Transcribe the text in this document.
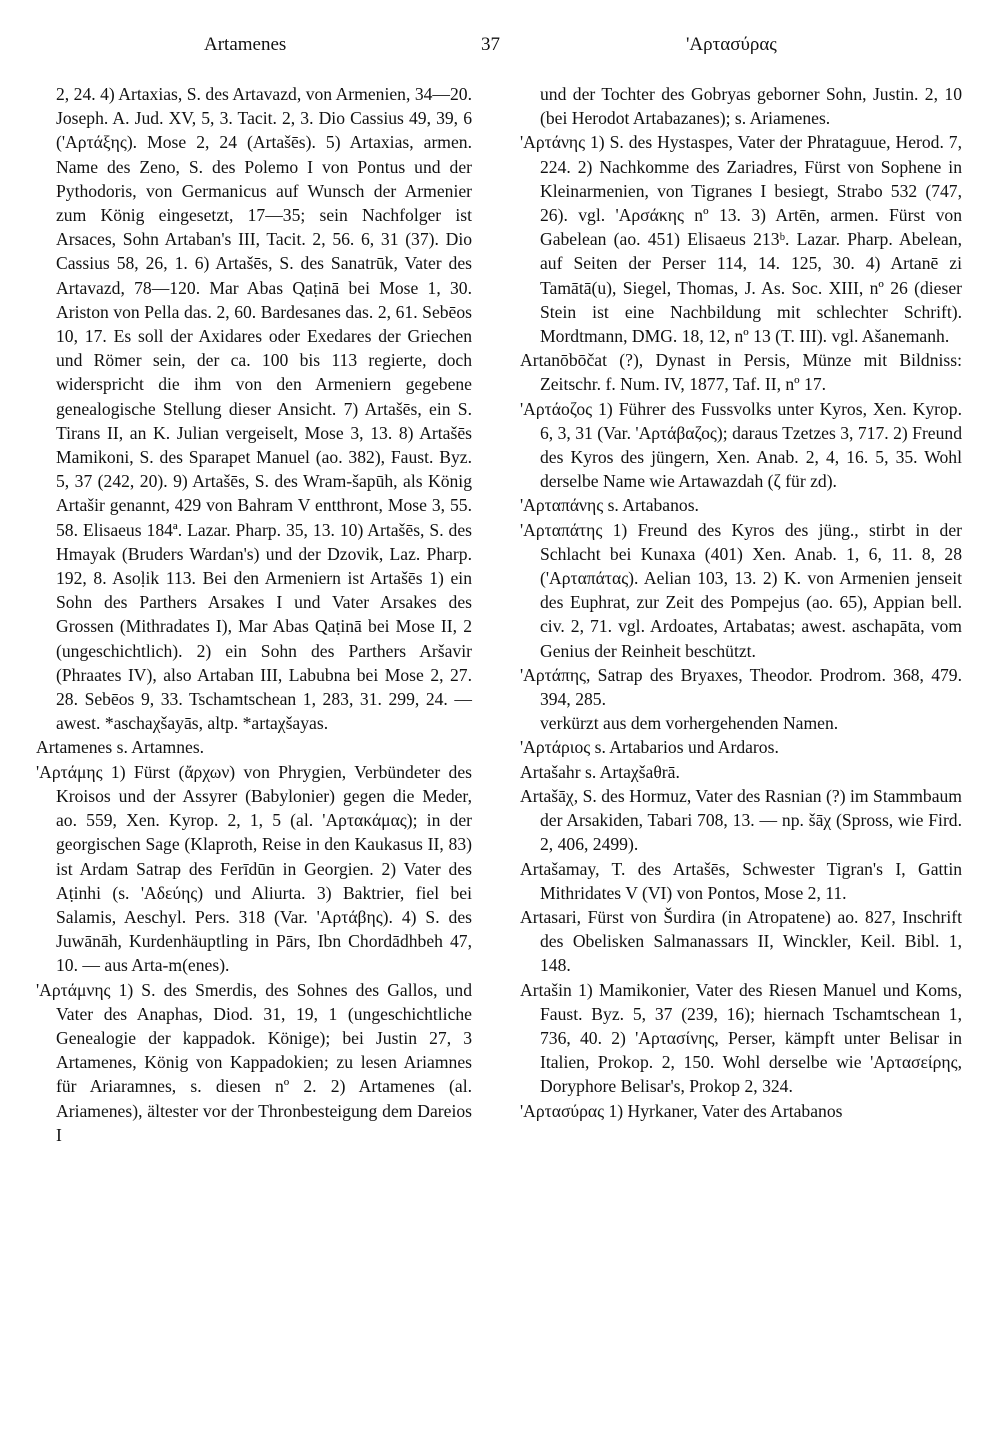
Artamenes	37	'Αρτασύρας

2, 24. 4) Artaxias, S. des Artavazd, von Armenien, 34—20. Joseph. A. Jud. XV, 5, 3. Tacit. 2, 3. Dio Cassius 49, 39, 6 ('Αρτάξης). Mose 2, 24 (Artašēs). 5) Artaxias, armen. Name des Zeno, S. des Polemo I von Pontus und der Pythodoris, von Germanicus auf Wunsch der Armenier zum König eingesetzt, 17—35; sein Nachfolger ist Arsaces, Sohn Artaban's III, Tacit. 2, 56. 6, 31 (37). Dio Cassius 58, 26, 1. 6) Artašēs, S. des Sanatrūk, Vater des Artavazd, 78—120. Mar Abas Qaṭinā bei Mose 1, 30. Ariston von Pella das. 2, 60. Bardesanes das. 2, 61. Sebēos 10, 17. Es soll der Axidares oder Exedares der Griechen und Römer sein, der ca. 100 bis 113 regierte, doch widerspricht die ihm von den Armeniern gegebene genealogische Stellung dieser Ansicht. 7) Artašēs, ein S. Tirans II, an K. Julian vergeiselt, Mose 3, 13. 8) Artašēs Mamikoni, S. des Sparapet Manuel (ao. 382), Faust. Byz. 5, 37 (242, 20). 9) Artašēs, S. des Wram-šapūh, als König Artašir genannt, 429 von Bahram V entthront, Mose 3, 55. 58. Elisaeus 184ª. Lazar. Pharp. 35, 13. 10) Artašēs, S. des Hmayak (Bruders Wardan's) und der Dzovik, Laz. Pharp. 192, 8. Asoḷik 113. Bei den Armeniern ist Artašēs 1) ein Sohn des Parthers Arsakes I und Vater Arsakes des Grossen (Mithradates I), Mar Abas Qaṭinā bei Mose II, 2 (ungeschichtlich). 2) ein Sohn des Parthers Aršavir (Phraates IV), also Artaban III, Labubna bei Mose 2, 27. 28. Sebēos 9, 33. Tschamtschean 1, 283, 31. 299, 24. — awest. *aschaχšayās, altp. *artaχšayas.

Artamenes s. Artamnes.

'Αρτάμης 1) Fürst (ἄρχων) von Phrygien, Verbündeter des Kroisos und der Assyrer (Babylonier) gegen die Meder, ao. 559, Xen. Kyrop. 2, 1, 5 (al. 'Αρτακάμας); in der georgischen Sage (Klaproth, Reise in den Kaukasus II, 83) ist Ardam Satrap des Ferīdūn in Georgien. 2) Vater des Aṭinhi (s. 'Αδεύης) und Aliurta. 3) Baktrier, fiel bei Salamis, Aeschyl. Pers. 318 (Var. 'Αρτάβης). 4) S. des Juwānāh, Kurdenhäuptling in Pārs, Ibn Chordādhbeh 47, 10. — aus Arta-m(enes).

'Αρτάμνης 1) S. des Smerdis, des Sohnes des Gallos, und Vater des Anaphas, Diod. 31, 19, 1 (ungeschichtliche Genealogie der kappadok. Könige); bei Justin 27, 3 Artamenes, König von Kappadokien; zu lesen Ariamnes für Ariaramnes, s. diesen nº 2. 2) Artamenes (al. Ariamenes), ältester vor der Thronbesteigung dem Dareios I

und der Tochter des Gobryas geborner Sohn, Justin. 2, 10 (bei Herodot Artabazanes); s. Ariamenes.

'Αρτάνης 1) S. des Hystaspes, Vater der Phrataguue, Herod. 7, 224. 2) Nachkomme des Zariadres, Fürst von Sophene in Kleinarmenien, von Tigranes I besiegt, Strabo 532 (747, 26). vgl. 'Αρσάκης nº 13. 3) Artēn, armen. Fürst von Gabelean (ao. 451) Elisaeus 213ᵇ. Lazar. Pharp. Abelean, auf Seiten der Perser 114, 14. 125, 30. 4) Artanē zi Tamātā(u), Siegel, Thomas, J. As. Soc. XIII, nº 26 (dieser Stein ist eine Nachbildung mit schlechter Schrift). Mordtmann, DMG. 18, 12, nº 13 (T. III). vgl. Ašanemanh.

Artanōbōčat (?), Dynast in Persis, Münze mit Bildniss: Zeitschr. f. Num. IV, 1877, Taf. II, nº 17.

'Αρτάοζος 1) Führer des Fussvolks unter Kyros, Xen. Kyrop. 6, 3, 31 (Var. 'Αρτάβαζος); daraus Tzetzes 3, 717. 2) Freund des Kyros des jüngern, Xen. Anab. 2, 4, 16. 5, 35. Wohl derselbe Name wie Artawazdah (ζ für zd).

'Αρταπάνης s. Artabanos.

'Αρταπάτης 1) Freund des Kyros des jüng., stirbt in der Schlacht bei Kunaxa (401) Xen. Anab. 1, 6, 11. 8, 28 ('Αρταπάτας). Aelian 103, 13. 2) K. von Armenien jenseit des Euphrat, zur Zeit des Pompejus (ao. 65), Appian bell. civ. 2, 71. vgl. Ardoates, Artabatas; awest. aschapāta, vom Genius der Reinheit beschützt.

'Αρτάπης, Satrap des Bryaxes, Theodor. Prodrom. 368, 479. 394, 285.

verkürzt aus dem vorhergehenden Namen.

'Αρτάριος s. Artabarios und Ardaros.

Artašahr s. Artaχšaθrā.

Artašāχ, S. des Hormuz, Vater des Rasnian (?) im Stammbaum der Arsakiden, Tabari 708, 13. — np. šāχ (Spross, wie Fird. 2, 406, 2499).

Artašamay, T. des Artašēs, Schwester Tigran's I, Gattin Mithridates V (VI) von Pontos, Mose 2, 11.

Artasari, Fürst von Šurdira (in Atropatene) ao. 827, Inschrift des Obelisken Salmanassars II, Winckler, Keil. Bibl. 1, 148.

Artašin 1) Mamikonier, Vater des Riesen Manuel und Koms, Faust. Byz. 5, 37 (239, 16); hiernach Tschamtschean 1, 736, 40. 2) 'Αρτασίνης, Perser, kämpft unter Belisar in Italien, Prokop. 2, 150. Wohl derselbe wie 'Αρτασείρης, Doryphore Belisar's, Prokop 2, 324.

'Αρτασύρας 1) Hyrkaner, Vater des Artabanos
